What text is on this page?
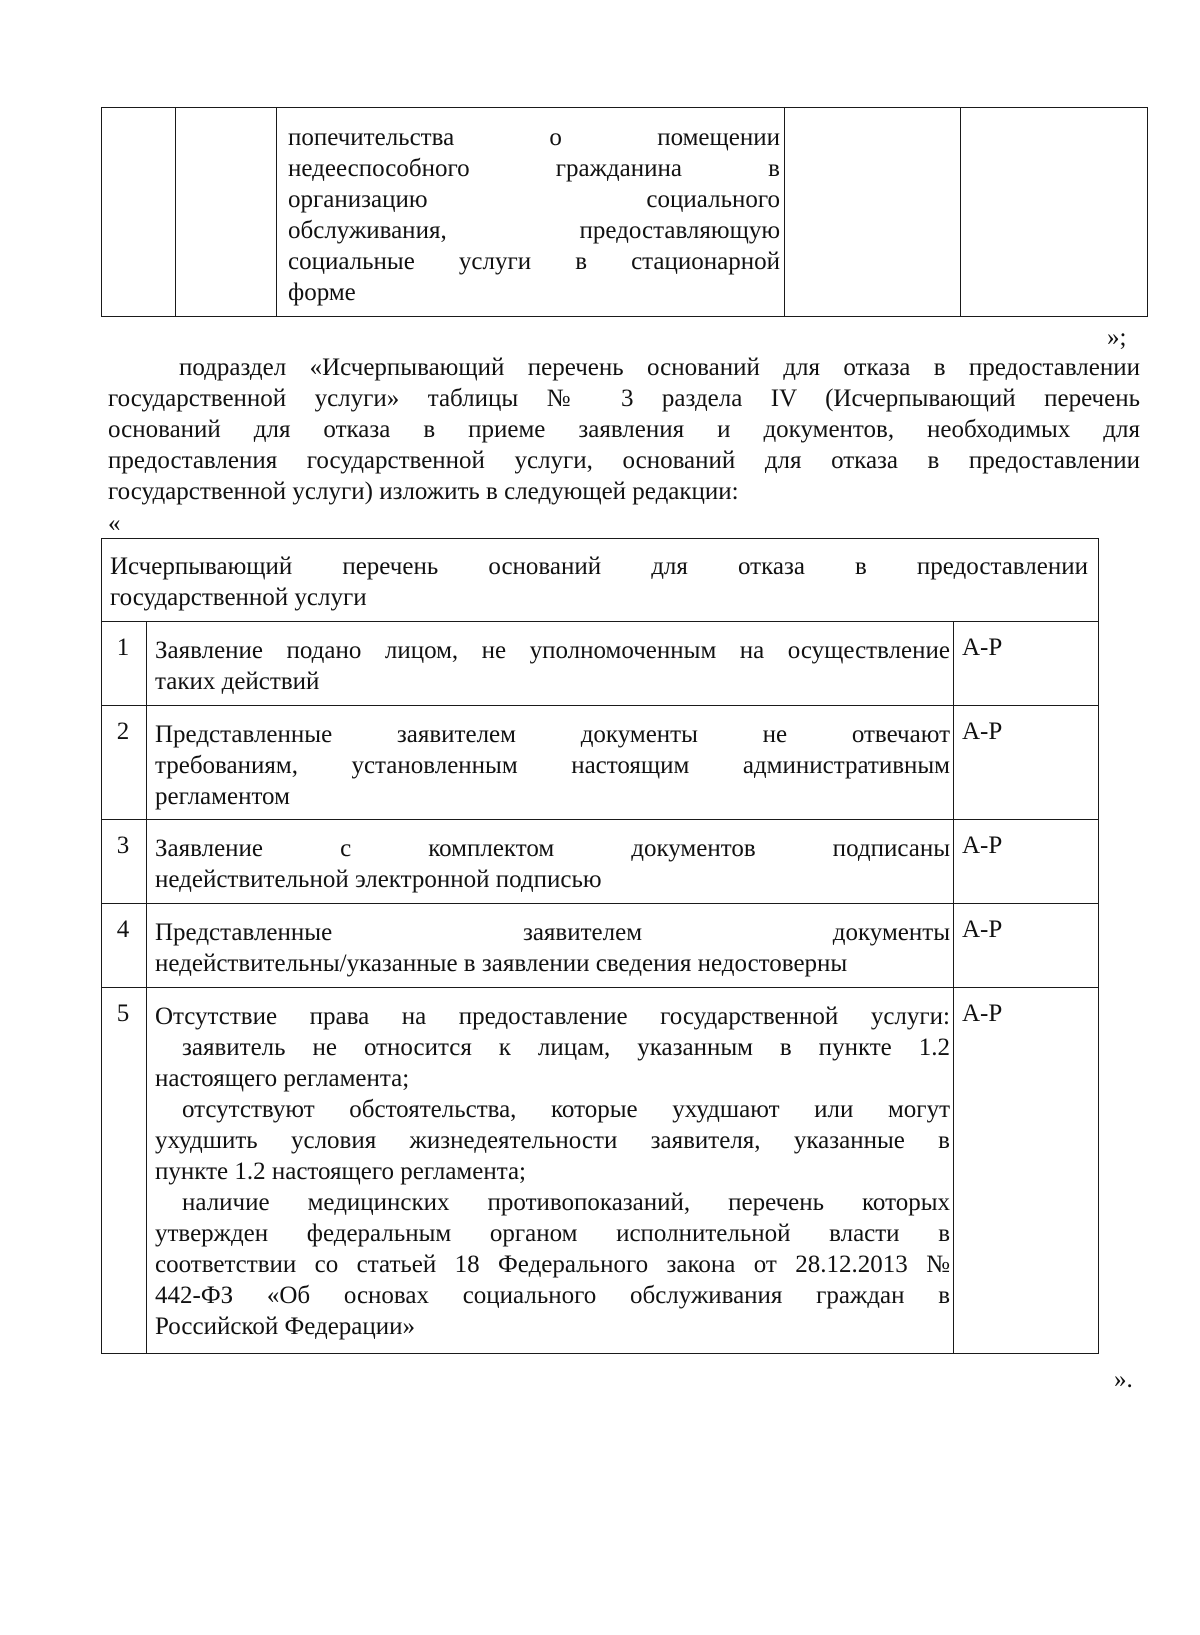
попечительства о помещении
недееспособного гражданина в
организацию социального
обслуживания, предоставляющую
социальные услуги в стационарной
форме
»;
подраздел «Исчерпывающий перечень оснований для отказа в предоставлении
государственной услуги» таблицы № 3 раздела IV (Исчерпывающий перечень
оснований для отказа в приеме заявления и документов, необходимых для
предоставления государственной услуги, оснований для отказа в предоставлении
государственной услуги) изложить в следующей редакции:
«
Исчерпывающий перечень оснований для отказа в предоставлении
государственной услуги
1 Заявление подано лицом, не уполномоченным на осуществление
таких действий
А-Р
2 Представленные заявителем документы не отвечают
требованиям, установленным настоящим административным
регламентом
А-Р
3 Заявление с комплектом документов подписаны
недействительной электронной подписью
А-Р
4 Представленные заявителем документы
недействительны/указанные в заявлении сведения недостоверны
А-Р
5 Отсутствие права на предоставление государственной услуги:
заявитель не относится к лицам, указанным в пункте 1.2
настоящего регламента;
отсутствуют обстоятельства, которые ухудшают или могут
ухудшить условия жизнедеятельности заявителя, указанные в
пункте 1.2 настоящего регламента;
наличие медицинских противопоказаний, перечень которых
утвержден федеральным органом исполнительной власти в
соответствии со статьей 18 Федерального закона от 28.12.2013 №
442-ФЗ «Об основах социального обслуживания граждан в
Российской Федерации»
А-Р
».
